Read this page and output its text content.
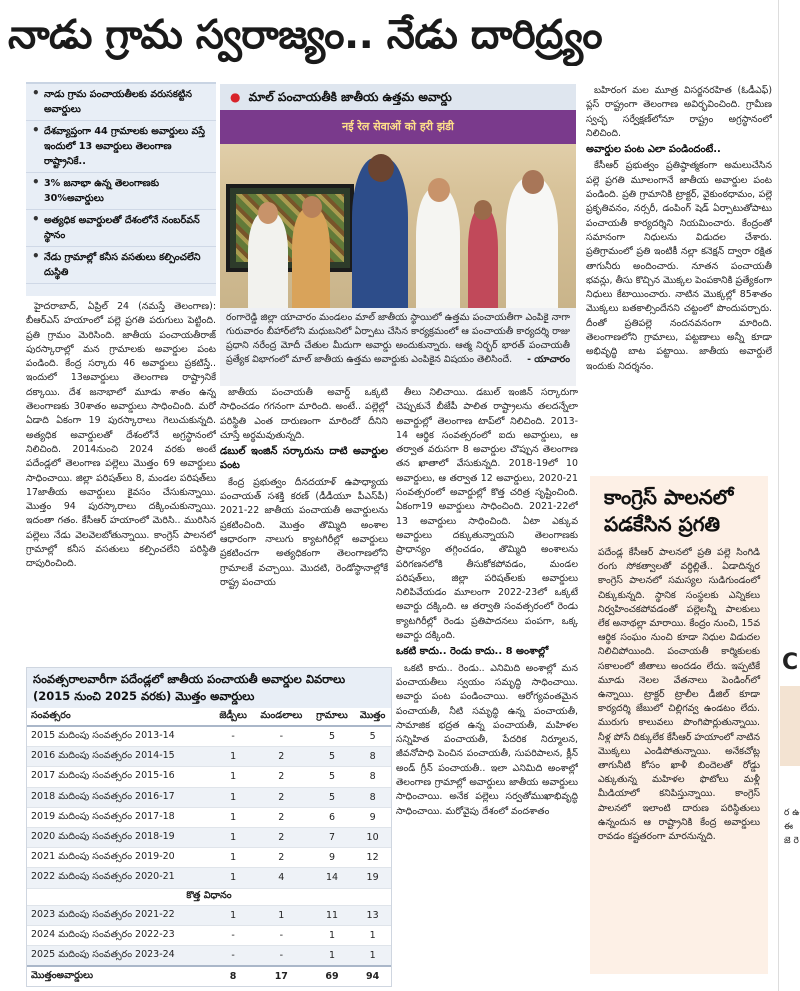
నాడు గ్రామ స్వరాజ్యం.. నేడు దారిద్ర్యం
• నాడు గ్రామ పంచాయతీలకు వరుసకట్టిన అవార్డులు
• దేశవ్యాప్తంగా 44 గ్రామాలకు అవార్డులు వస్తే ఇందులో 13 అవార్డులు తెలంగాణ రాష్ట్రానికే..
• 3% జనాభా ఉన్న తెలంగాణకు 30%అవార్డులు
• అత్యధిక అవార్డులతో దేశంలోనే నంబర్‌వన్‌ స్థానం
• నేడు గ్రామాల్లో కనీస వసతులు కల్పించలేని దుస్థితి

హైదరాబాద్‌, ఏప్రిల్‌ 24 (నమస్తే తెలంగాణ): బీఆర్‌ఎస్‌ హయాంలో పల్లె ప్రగతి పరుగులు పెట్టింది. ప్రతి గ్రామం మెరిసింది. జాతీయ పంచాయతీరాజ్‌ పురస్కారాల్లో మన గ్రామాలకు అవార్డుల పంట పండింది. కేంద్ర సర్కారు 46 అవార్డులు ప్రకటిస్తే.. ఇందులో 13అవార్డులు తెలంగాణ రాష్ట్రానికే దక్కాయి. దేశ జనాభాలో మూడు శాతం ఉన్న తెలంగాణకు 30శాతం అవార్డులు సాధించింది. మరో ఏడాది ఏకంగా 19 పురస్కారాలు గెలుచుకున్నది. అత్యధిక అవార్డులతో దేశంలోనే అగ్రస్థానంలో నిలిచింది. 2014నుంచి 2024 వరకు అంటే పదేండ్లలో తెలంగాణ పల్లెలు మొత్తం 69 అవార్డులు సాధించాయి. జిల్లా పరిషత్‌లు 8, మండల పరిషత్‌లు 17జాతీయ అవార్డులు కైవసం చేసుకున్నాయి. మొత్తం 94 పురస్కారాలు దక్కించుకున్నాయి. ఇదంతా గతం. కేసీఆర్‌ హయాంలో మెరిసి.. మురిసిన పల్లెలు నేడు వెలవెలబోతున్నాయి. కాంగ్రెస్‌ పాలనలో గ్రామాల్లో కనీస వసతులు కల్పించలేని పరిస్థితి దాపురించింది.

● మాల్‌ పంచాయతీకి జాతీయ ఉత్తమ అవార్డు
नई रेल सेवाओं को हरी झंडी
రంగారెడ్డి జిల్లా యాచారం మండలం మాల్‌ జాతీయ స్థాయిలో ఉత్తమ పంచాయతీగా ఎంపికై నాగా గురువారం బీహార్‌లోని మధుబనిలో ఏర్పాటు చేసిన కార్యక్రమంలో ఆ పంచాయతీ కార్యదర్శి రాజు ప్రధాని నరేంద్ర మోదీ చేతుల మీదుగా అవార్డు అందుకున్నారు. ఆత్మ నిర్భర్‌ భారత్‌ పంచాయతీ ప్రత్యేక విభాగంలో మాల్‌ జాతీయ ఉత్తమ అవార్డుకు ఎంపికైన విషయం తెలిసిందే. - యాచారం

జాతీయ పంచాయతీ అవార్డ్‌ ఒక్కటి సాధించడం గగనంగా మారింది. అంటే.. పల్లెల్లో పరిస్థితి ఎంత దారుణంగా మారిందో దీనిని చూస్తే అర్థమవుతున్నది.

డబుల్‌ ఇంజిన్‌ సర్కారును దాటి అవార్డుల పంట

కేంద్ర ప్రభుత్వం దీనదయాళ్‌ ఉపాధ్యాయ పంచాయత్‌ సశక్తి కరణ్‌ (డీడీయూ పీఎస్‌పీ) 2021-22 జాతీయ పంచాయతీ అవార్డులను ప్రకటించింది. మొత్తం తొమ్మిది అంశాల ఆధారంగా నాలుగు క్యాటగిరీల్లో అవార్డులు ప్రకటించగా అత్యధికంగా తెలంగాణలోని గ్రామాలకే వచ్చాయి. మొదటి, రెండోస్థానాల్లోకే రాష్ట్ర పంచాయ

తీలు నిలిచాయి. డబుల్‌ ఇంజిన్‌ సర్కారుగా చెప్పుకునే బీజేపీ పాలిత రాష్ట్రాలను తలదన్నేలా అవార్డుల్లో తెలంగాణ టాప్‌లో నిలిచింది. 2013-14 ఆర్థిక సంవత్సరంలో ఐదు అవార్డులు, ఆ తర్వాత వరుసగా 8 అవార్డుల చొప్పున తెలంగాణ తన ఖాతాలో వేసుకున్నది. 2018-19లో 10 అవార్డులు, ఆ తర్వాత 12 అవార్డులు, 2020-21 సంవత్సరంలో అవార్డుల్లో కొత్త చరిత్ర సృష్టించింది. ఏకంగా19 అవార్డులు సాధించింది. 2021-22లో 13 అవార్డులు సాధించింది. ఏటా ఎక్కువ అవార్డులు దక్కుతున్నాయని తెలంగాణకు ప్రాధాన్యం తగ్గించడం, తొమ్మిది అంశాలను పరిగణనలోకి తీసుకోకపోవడం, మండల పరిషత్‌లు, జిల్లా పరిషత్‌లకు అవార్డులు నిలిపివేయడం మూలంగా 2022-23లో ఒక్కటే అవార్డు దక్కింది. ఆ తర్వాతి సంవత్సరంలో రెండు క్యాటగిరీల్లో రెండు ప్రతిపాదనలు పంపగా, ఒక్క అవార్డు దక్కింది.

ఒకటి కాదు.. రెండు కాదు.. 8 అంశాల్లో

ఒకటి కాదు.. రెండు.. ఎనిమిది అంశాల్లో మన పంచాయతీలు స్వయం సమృద్ధి సాధించాయి. అవార్డు పంట పండించాయి. ఆరోగ్యవంతమైన పంచాయతీ, నీటి సమృద్ధి ఉన్న పంచాయతీ, సామాజిక భద్రత ఉన్న పంచాయతీ, మహిళల సన్నిహిత పంచాయతీ, పేదరిక నిర్మూలన, జీవనోపాధి పెంచిన పంచాయతీ, సుపరిపాలన, క్లీన్‌ అండ్‌ గ్రీన్‌ పంచాయతీ.. ఇలా ఎనిమిది అంశాల్లో తెలంగాణ గ్రామాల్లో అవార్డులు జాతీయ అవార్డులు సాధించాయి. అనేక పల్లెలు సర్వతోముఖాభివృద్ధి సాధించాయి. మరోవైపు దేశంలో వందశాతం

బహిరంగ మల మూత్ర విసర్జనరహిత (ఓడీఎఫ్‌) ప్లస్‌ రాష్ట్రంగా తెలంగాణ అవిర్భవించింది. గ్రామీణ స్వచ్ఛ సర్వేక్షణ్‌లోనూ రాష్ట్రం అగ్రస్థానంలో నిలిచింది.

అవార్డుల పంట ఎలా పండిందంటే..

కేసీఆర్‌ ప్రభుత్వం ప్రతిష్ఠాత్మకంగా అమలుచేసిన పల్లె ప్రగతి మూలంగానే జాతీయ అవార్డుల పంట పండింది. ప్రతి గ్రామానికి ట్రాక్టర్‌, వైకుంఠధామం, పల్లె ప్రకృతివనం, నర్సరీ, డంపింగ్‌ షెడ్‌ ఏర్పాటుతోపాటు పంచాయతీ కార్యదర్శిని నియమించారు. కేంద్రంతో సమానంగా నిధులను విడుదల చేశారు. ప్రతిగ్రామంలో ప్రతి ఇంటికీ నల్లా కనెక్షన్‌ ద్వారా రక్షిత తాగునీరు అందించారు. నూతన పంచాయతీ భవన్లు, తీసు కొచ్చిన మొక్కల పెంపకానికి ప్రత్యేకంగా నిధులు కేటాయించారు. నాటిన మొక్కల్లో 85శాతం మొక్కలు బతకాల్సిందేనని చట్టంలో పొందుపర్చారు. దీంతో ప్రతిపల్లె నందనవనంగా మారింది. తెలంగాణలోని గ్రామాలు, పట్టణాలు అన్నీ కూడా అభివృద్ధి బాట పట్టాయి. జాతీయ అవార్డులే ఇందుకు నిదర్శనం.

సంవత్సరాలవారీగా పదేండ్లలో జాతీయ పంచాయతీ అవార్డుల వివరాలు (2015 నుంచి 2025 వరకు) మొత్తం అవార్డులు
సంవత్సరం	జెడ్పీలు	మండలాలు	గ్రామాలు	మొత్తం
2015 మదింపు సంవత్సరం 2013-14	-	-	5	5
2016 మదింపు సంవత్సరం 2014-15	1	2	5	8
2017 మదింపు సంవత్సరం 2015-16	1	2	5	8
2018 మదింపు సంవత్సరం 2016-17	1	2	5	8
2019 మదింపు సంవత్సరం 2017-18	1	2	6	9
2020 మదింపు సంవత్సరం 2018-19	1	2	7	10
2021 మదింపు సంవత్సరం 2019-20	1	2	9	12
2022 మదింపు సంవత్సరం 2020-21	1	4	14	19
కొత్త విధానం				
2023 మదింపు సంవత్సరం 2021-22	1	1	11	13
2024 మదింపు సంవత్సరం 2022-23	-	-	1	1
2025 మదింపు సంవత్సరం 2023-24	-	-	1	1
మొత్తంఅవార్డులు	8	17	69	94
కాంగ్రెస్‌ పాలనలో పడకేసిన ప్రగతి
పదేండ్ల కేసీఆర్‌ పాలనలో ప్రతి పల్లె సింగిడి రంగు సోకత్వాలతో వర్ధిల్లితే.. ఏడాదిన్నర కాంగ్రెస్‌ పాలనలో సమస్యల సుడిగుండంలో చిక్కుకున్నది. స్థానిక సంస్థలకు ఎన్నికలు నిర్వహించకపోవడంతో పల్లెలన్నీ పాలకులు లేక అనాథల్లా మారాయి. కేంద్రం నుంచి, 15వ ఆర్థిక సంఘం నుంచి కూడా నిధుల విడుదల నిలిచిపోయింది. పంచాయతీ కార్మికులకు సకాలంలో జీతాలు అందడం లేదు. ఇప్పటికే మూడు నెలల వేతనాలు పెండింగ్‌లో ఉన్నాయి. ట్రాక్టర్‌ ట్రాలీల డీజిల్‌ కూడా కార్యదర్శి జేబులో చిల్లిగవ్వ ఉండటం లేదు. మురుగు కాలువలు పొంగిపొర్లుతున్నాయి. నీళ్ల పోసే దిక్కులేక కేసీఆర్‌ హయాంలో నాటిన మొక్కలు ఎండిపోతున్నాయి. అనేకచోట్ల తాగునీటి కోసం ఖాళీ బిందెలతో రోడ్డు ఎక్కుతున్న మహిళల ఫొటోలు మళ్లీ మీడియాలో కనిపిస్తున్నాయి. కాంగ్రెస్‌ పాలనలో ఇలాంటి దారుణ పరిస్థితులు ఉన్నందున ఆ రాష్ట్రానికి కేంద్ర అవార్డులు రావడం కష్టతరంగా మారనున్నది.
C
ర ఉ ఈ జె రె
